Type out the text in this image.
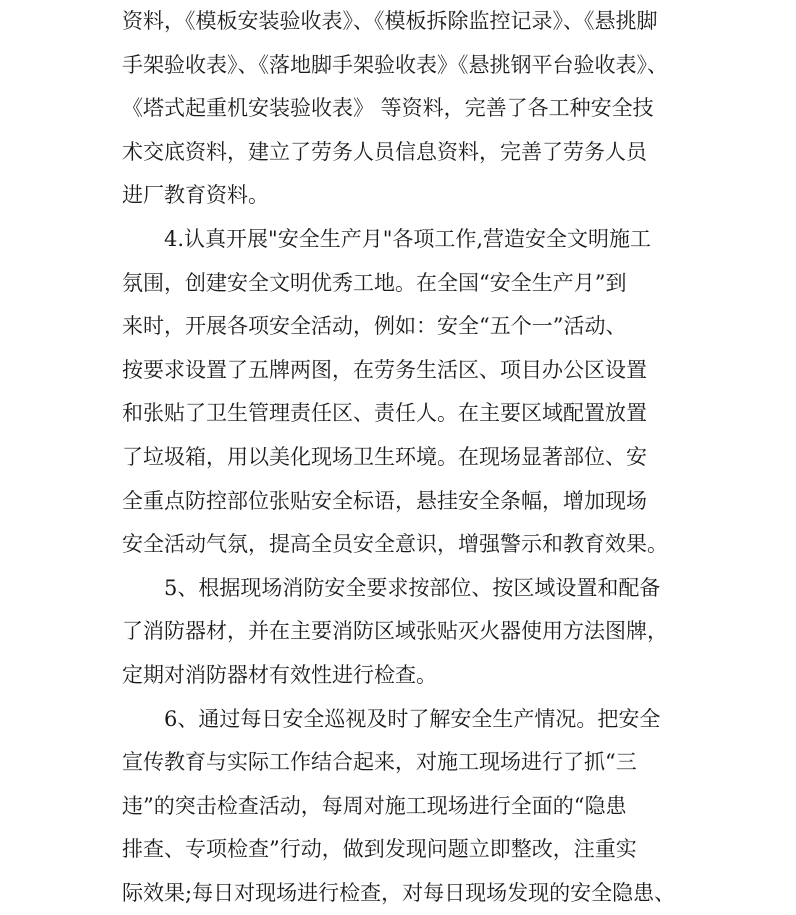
资料，《模板安装验收表》、《模板拆除监控记录》、《悬挑脚
手架验收表》、《落地脚手架验收表》《悬挑钢平台验收表》、
《塔式起重机安装验收表》 等资料，完善了各工种安全技
术交底资料，建立了劳务人员信息资料，完善了劳务人员
进厂教育资料。
4.认真开展"安全生产月"各项工作,营造安全文明施工
氛围，创建安全文明优秀工地。在全国“安全生产月”到
来时，开展各项安全活动，例如：安全“五个一”活动、
按要求设置了五牌两图，在劳务生活区、项目办公区设置
和张贴了卫生管理责任区、责任人。在主要区域配置放置
了垃圾箱，用以美化现场卫生环境。在现场显著部位、安
全重点防控部位张贴安全标语，悬挂安全条幅，增加现场
安全活动气氛，提高全员安全意识，增强警示和教育效果。
5、根据现场消防安全要求按部位、按区域设置和配备
了消防器材，并在主要消防区域张贴灭火器使用方法图牌，
定期对消防器材有效性进行检查。
6、通过每日安全巡视及时了解安全生产情况。把安全
宣传教育与实际工作结合起来，对施工现场进行了抓“三
违”的突击检查活动，每周对施工现场进行全面的“隐患
排查、专项检查”行动，做到发现问题立即整改，注重实
际效果;每日对现场进行检查，对每日现场发现的安全隐患、
